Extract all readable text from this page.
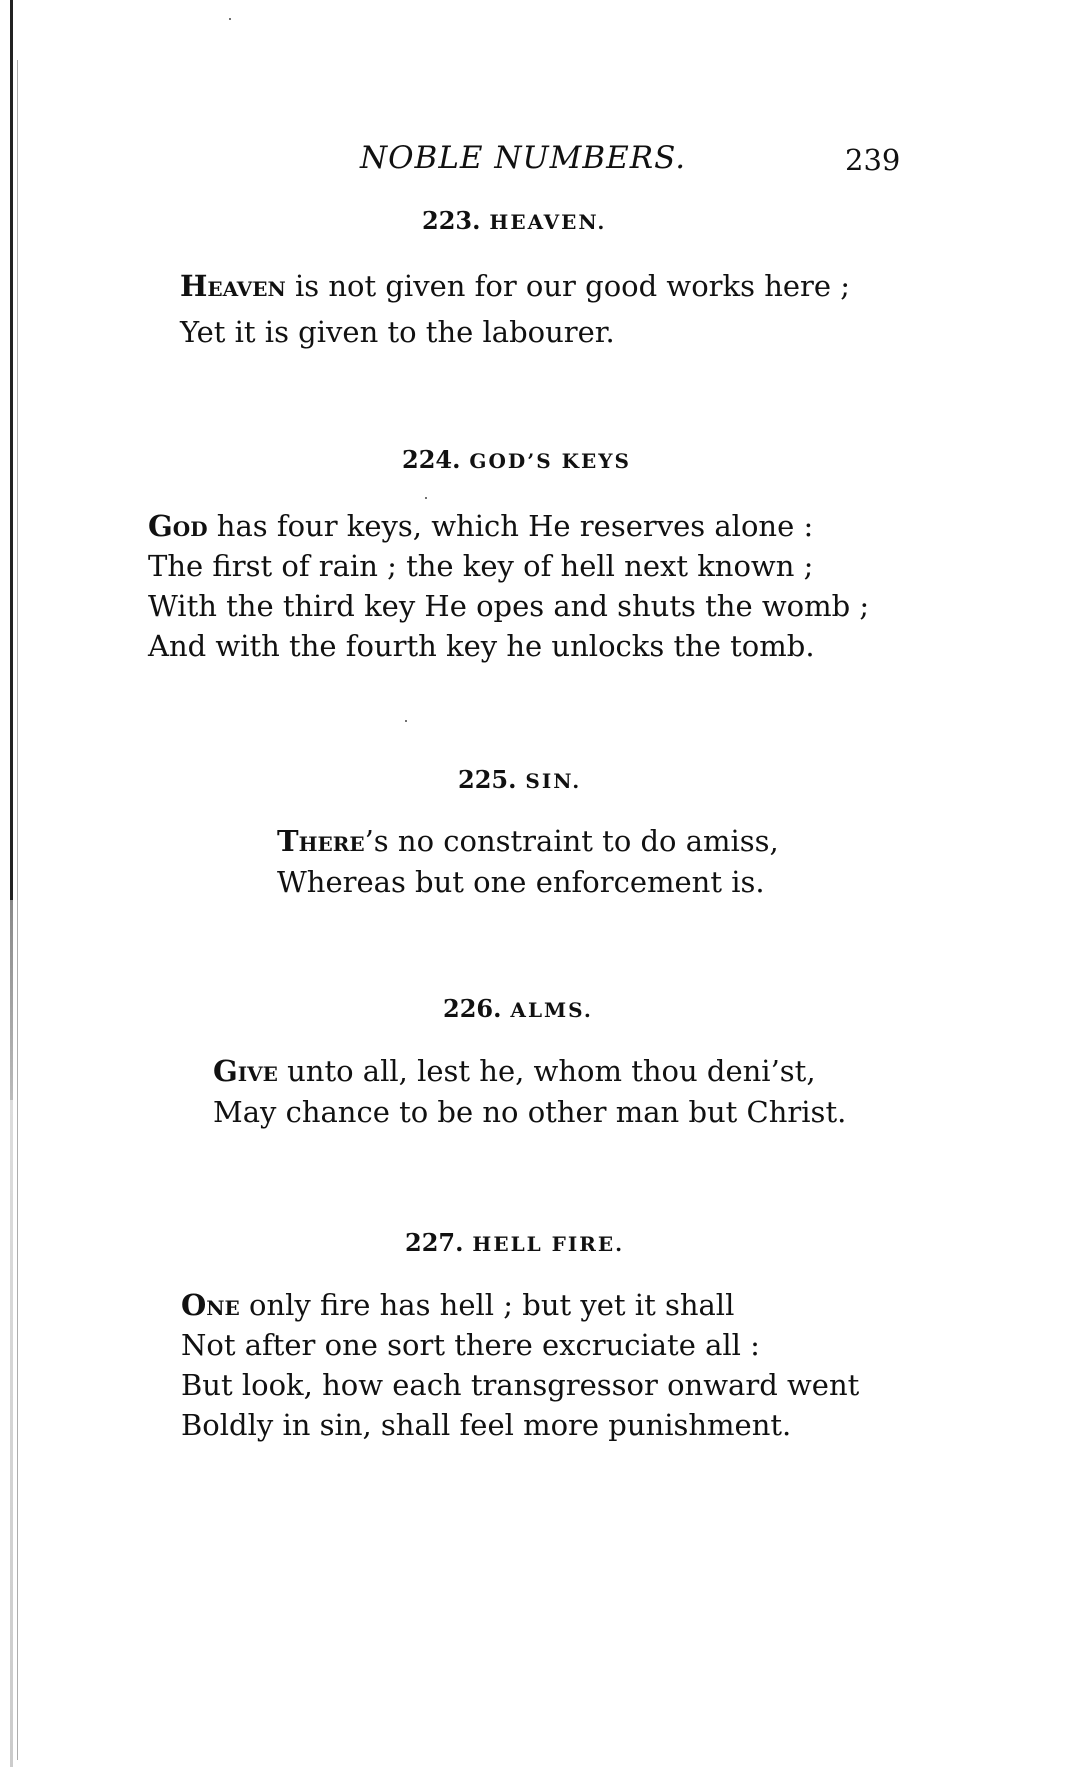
NOBLE NUMBERS.	239
223. HEAVEN.
Heaven is not given for our good works here ;
Yet it is given to the labourer.
224. GOD’S KEYS
God has four keys, which He reserves alone :
The first of rain ; the key of hell next known ;
With the third key He opes and shuts the womb ;
And with the fourth key he unlocks the tomb.
225. SIN.
There’s no constraint to do amiss,
Whereas but one enforcement is.
226. ALMS.
Give unto all, lest he, whom thou deni’st,
May chance to be no other man but Christ.
227. HELL FIRE.
One only fire has hell ; but yet it shall
Not after one sort there excruciate all :
But look, how each transgressor onward went
Boldly in sin, shall feel more punishment.
